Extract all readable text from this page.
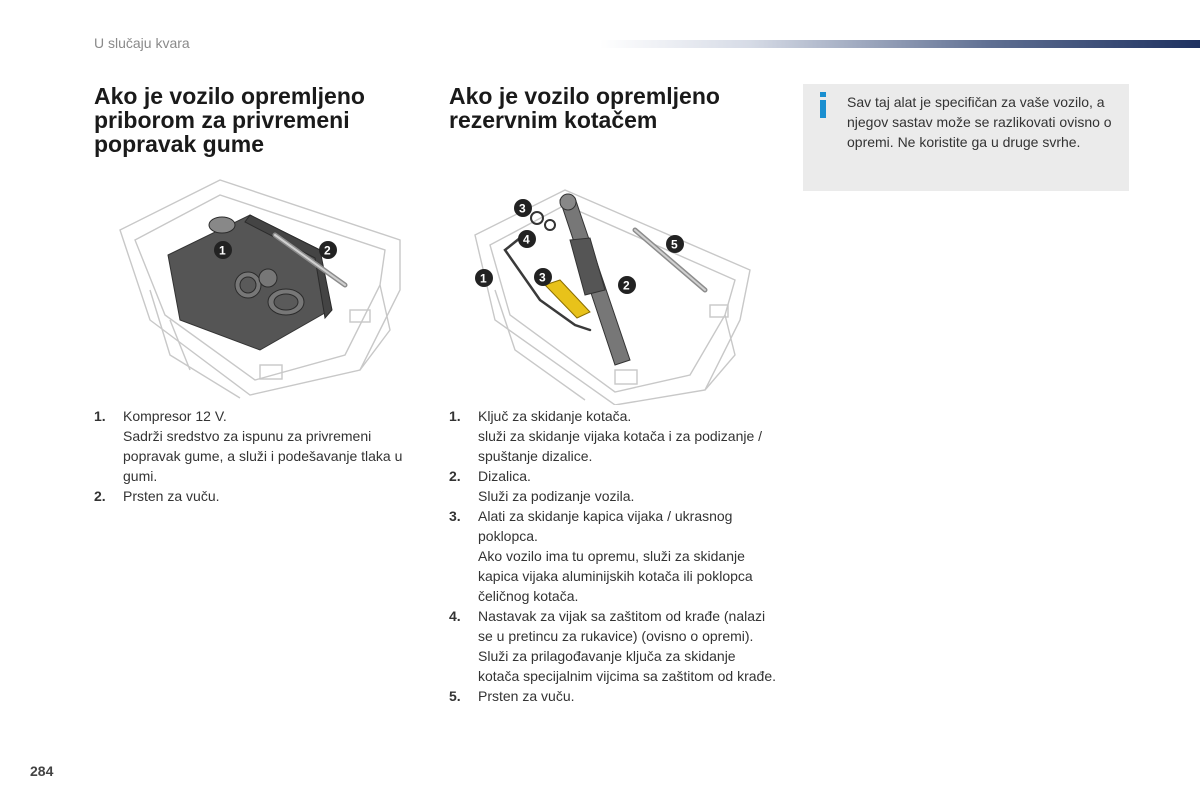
U slučaju kvara
Ako je vozilo opremljeno priborom za privremeni popravak gume
Ako je vozilo opremljeno rezervnim kotačem
Sav taj alat je specifičan za vaše vozilo, a njegov sastav može se razlikovati ovisno o opremi. Ne koristite ga u druge svrhe.
1	2
3
4
1	3
2
5
1. Kompresor 12 V.
Sadrži sredstvo za ispunu za privremeni popravak gume, a služi i podešavanje tlaka u gumi.
2. Prsten za vuču.
1. Ključ za skidanje kotača.
služi za skidanje vijaka kotača i za podizanje / spuštanje dizalice.
2. Dizalica.
Služi za podizanje vozila.
3. Alati za skidanje kapica vijaka / ukrasnog poklopca.
Ako vozilo ima tu opremu, služi za skidanje kapica vijaka aluminijskih kotača ili poklopca čeličnog kotača.
4. Nastavak za vijak sa zaštitom od krađe (nalazi se u pretincu za rukavice) (ovisno o opremi).
Služi za prilagođavanje ključa za skidanje kotača specijalnim vijcima sa zaštitom od krađe.
5. Prsten za vuču.
284
